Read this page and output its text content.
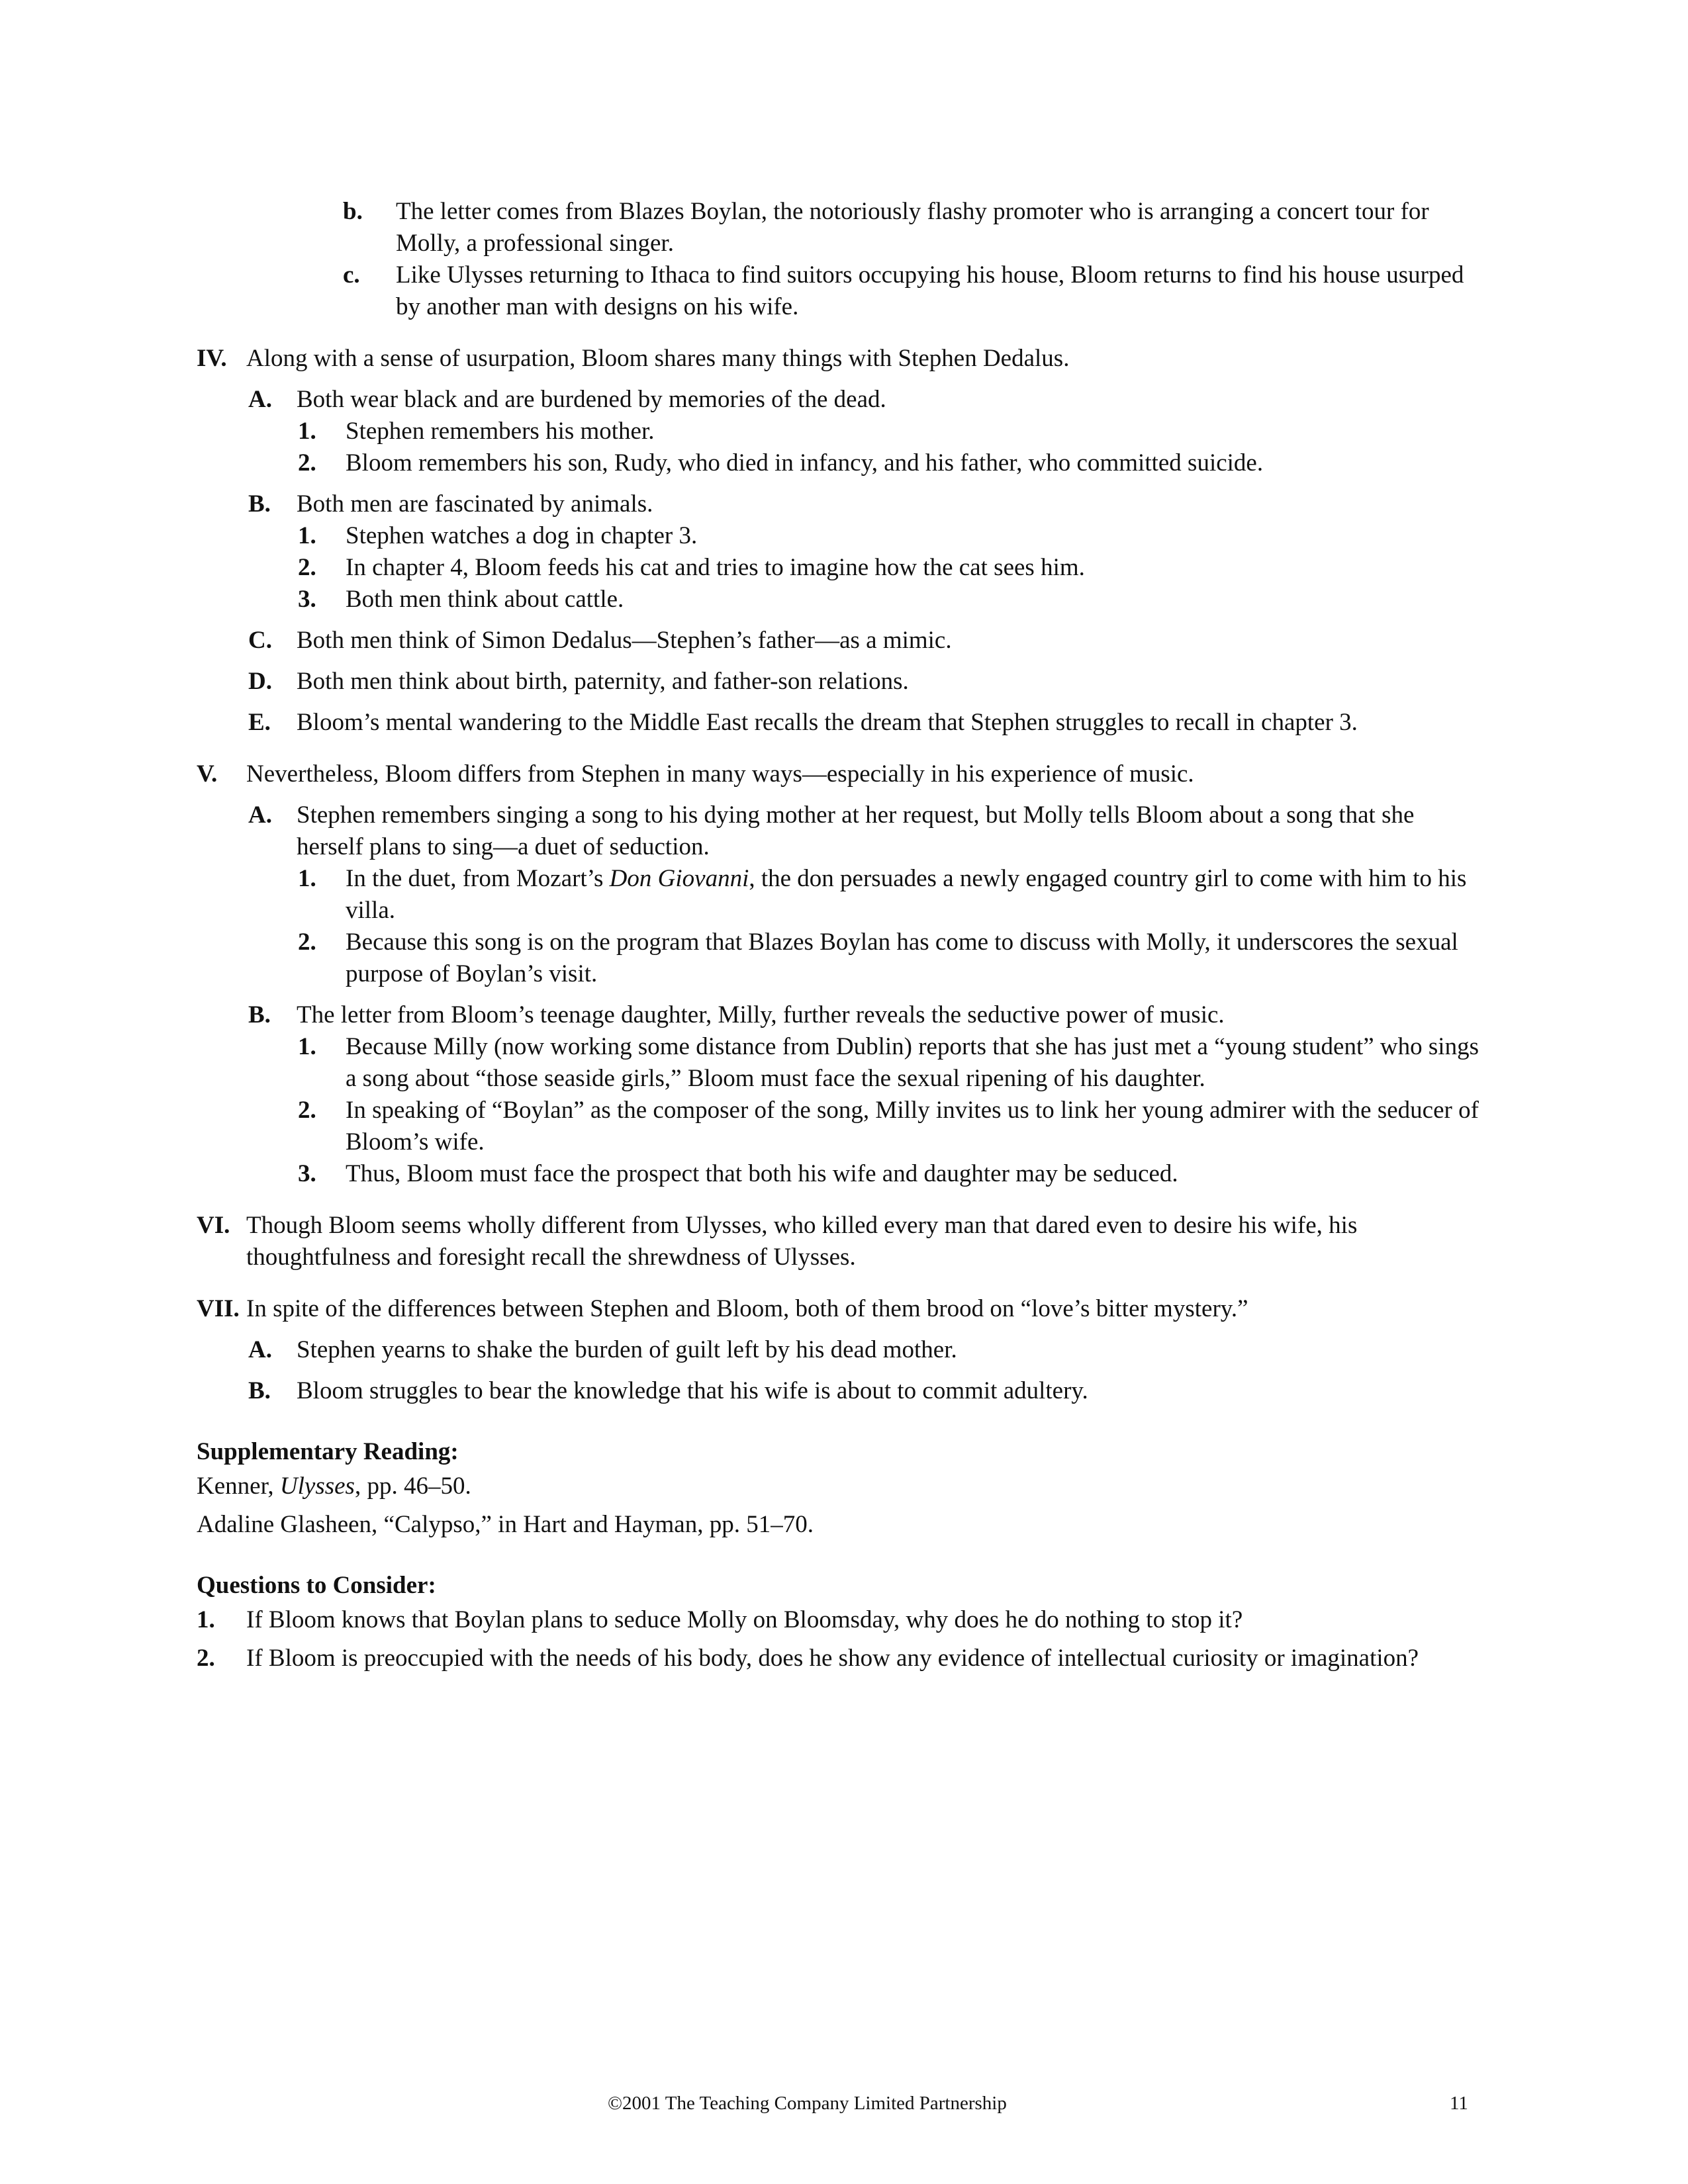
b.	The letter comes from Blazes Boylan, the notoriously flashy promoter who is arranging a concert tour for Molly, a professional singer.
c.	Like Ulysses returning to Ithaca to find suitors occupying his house, Bloom returns to find his house usurped by another man with designs on his wife.
IV. Along with a sense of usurpation, Bloom shares many things with Stephen Dedalus.
A. Both wear black and are burdened by memories of the dead.
1.	Stephen remembers his mother.
2.	Bloom remembers his son, Rudy, who died in infancy, and his father, who committed suicide.
B. Both men are fascinated by animals.
1.	Stephen watches a dog in chapter 3.
2.	In chapter 4, Bloom feeds his cat and tries to imagine how the cat sees him.
3.	Both men think about cattle.
C. Both men think of Simon Dedalus—Stephen’s father—as a mimic.
D. Both men think about birth, paternity, and father-son relations.
E. Bloom’s mental wandering to the Middle East recalls the dream that Stephen struggles to recall in chapter 3.
V. Nevertheless, Bloom differs from Stephen in many ways—especially in his experience of music.
A. Stephen remembers singing a song to his dying mother at her request, but Molly tells Bloom about a song that she herself plans to sing—a duet of seduction.
1.	In the duet, from Mozart’s Don Giovanni, the don persuades a newly engaged country girl to come with him to his villa.
2.	Because this song is on the program that Blazes Boylan has come to discuss with Molly, it underscores the sexual purpose of Boylan’s visit.
B. The letter from Bloom’s teenage daughter, Milly, further reveals the seductive power of music.
1.	Because Milly (now working some distance from Dublin) reports that she has just met a “young student” who sings a song about “those seaside girls,” Bloom must face the sexual ripening of his daughter.
2.	In speaking of “Boylan” as the composer of the song, Milly invites us to link her young admirer with the seducer of Bloom’s wife.
3.	Thus, Bloom must face the prospect that both his wife and daughter may be seduced.
VI. Though Bloom seems wholly different from Ulysses, who killed every man that dared even to desire his wife, his thoughtfulness and foresight recall the shrewdness of Ulysses.
VII. In spite of the differences between Stephen and Bloom, both of them brood on “love’s bitter mystery.”
A. Stephen yearns to shake the burden of guilt left by his dead mother.
B. Bloom struggles to bear the knowledge that his wife is about to commit adultery.
Supplementary Reading:
Kenner, Ulysses, pp. 46–50.
Adaline Glasheen, “Calypso,” in Hart and Hayman, pp. 51–70.
Questions to Consider:
1. If Bloom knows that Boylan plans to seduce Molly on Bloomsday, why does he do nothing to stop it?
2. If Bloom is preoccupied with the needs of his body, does he show any evidence of intellectual curiosity or imagination?
©2001 The Teaching Company Limited Partnership	11
